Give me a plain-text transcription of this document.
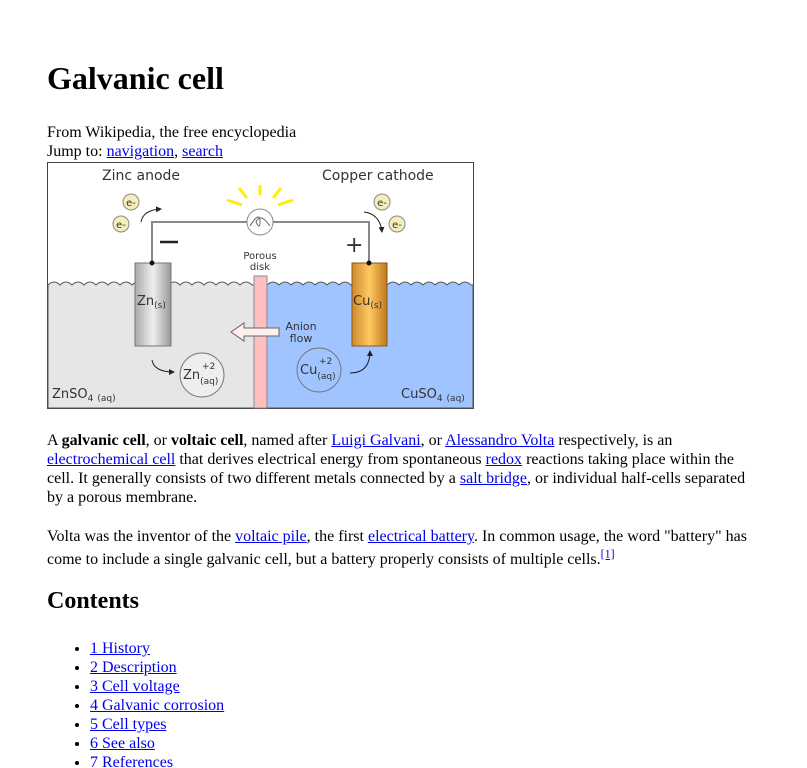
Galvanic cell
From Wikipedia, the free encyclopedia
Jump to: navigation, search
Porous
disk
Zinc anode	Copper cathode
+
e-
e-
e-
e-
$Zn_{(s)}$	$Cu_{(s)}$
Anion
flow
$Zn_{(aq)}$
+2	$Cu_{(aq)}$
+2
ZnSO$_4$ (aq)	CuSO$_4$ (aq)

A galvanic cell, or voltaic cell, named after Luigi Galvani, or Alessandro Volta respectively, is an electrochemical cell that derives electrical energy from spontaneous redox reactions taking place within the cell. It generally consists of two different metals connected by a salt bridge, or individual half-cells separated by a porous membrane.

Volta was the inventor of the voltaic pile, the first electrical battery. In common usage, the word "battery" has come to include a single galvanic cell, but a battery properly consists of multiple cells.[1]

Contents
• 1 History
• 2 Description
• 3 Cell voltage
• 4 Galvanic corrosion
• 5 Cell types
• 6 See also
• 7 References
